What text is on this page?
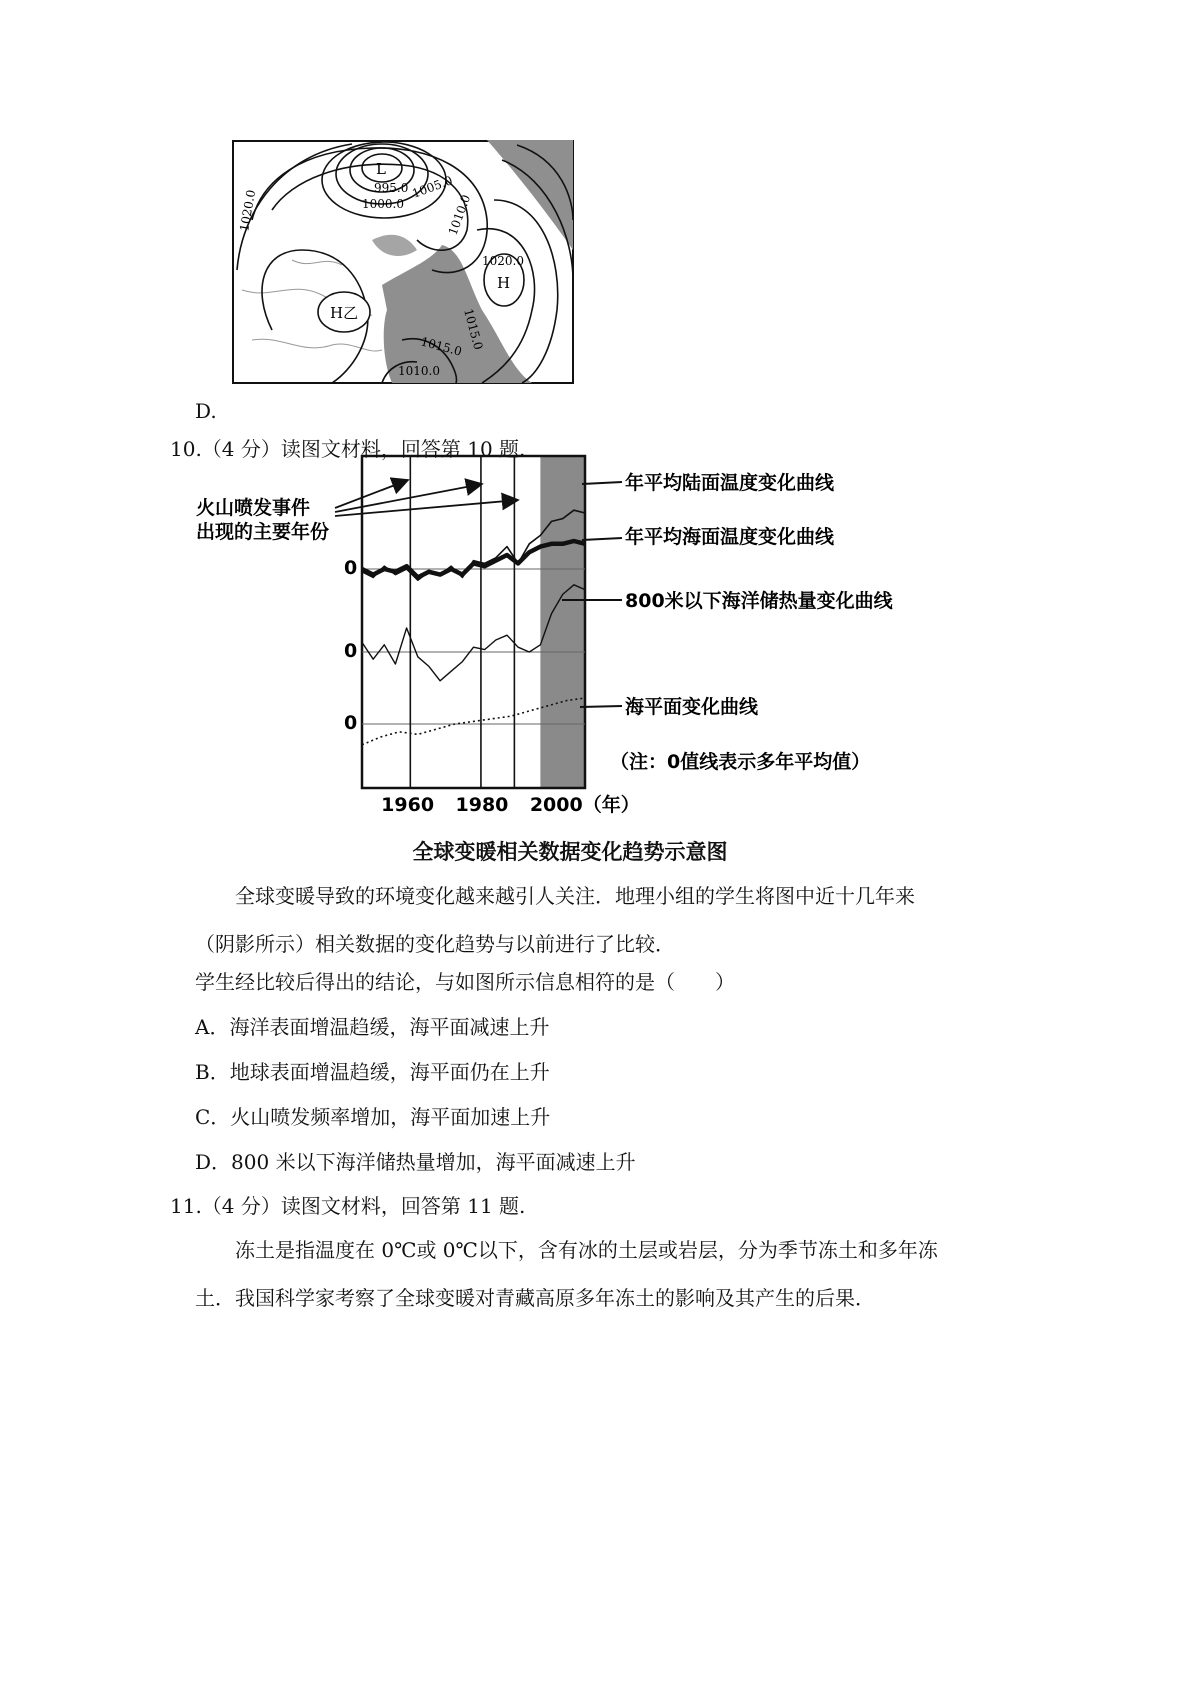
D.
L
995.0
1000.0
1005.0
1010.0
1020.0
1020.0
H
H乙	1015.0
1015.0
1010.0
10.（4 分）读图文材料，回答第 10 题.
0
0
0
1960 1980 2000（年）
火山喷发事件
出现的主要年份
年平均陆面温度变化曲线
年平均海面温度变化曲线
800米以下海洋储热量变化曲线
海平面变化曲线
（注：0值线表示多年平均值）
全球变暖相关数据变化趋势示意图
全球变暖导致的环境变化越来越引人关注．地理小组的学生将图中近十几年来（阴影所示）相关数据的变化趋势与以前进行了比较．
学生经比较后得出的结论，与如图所示信息相符的是（　　）
A．海洋表面增温趋缓，海平面减速上升
B．地球表面增温趋缓，海平面仍在上升
C．火山喷发频率增加，海平面加速上升
D．800 米以下海洋储热量增加，海平面减速上升
11.（4 分）读图文材料，回答第 11 题.
冻土是指温度在 0℃或 0℃以下，含有冰的土层或岩层，分为季节冻土和多年冻土．我国科学家考察了全球变暖对青藏高原多年冻土的影响及其产生的后果．
